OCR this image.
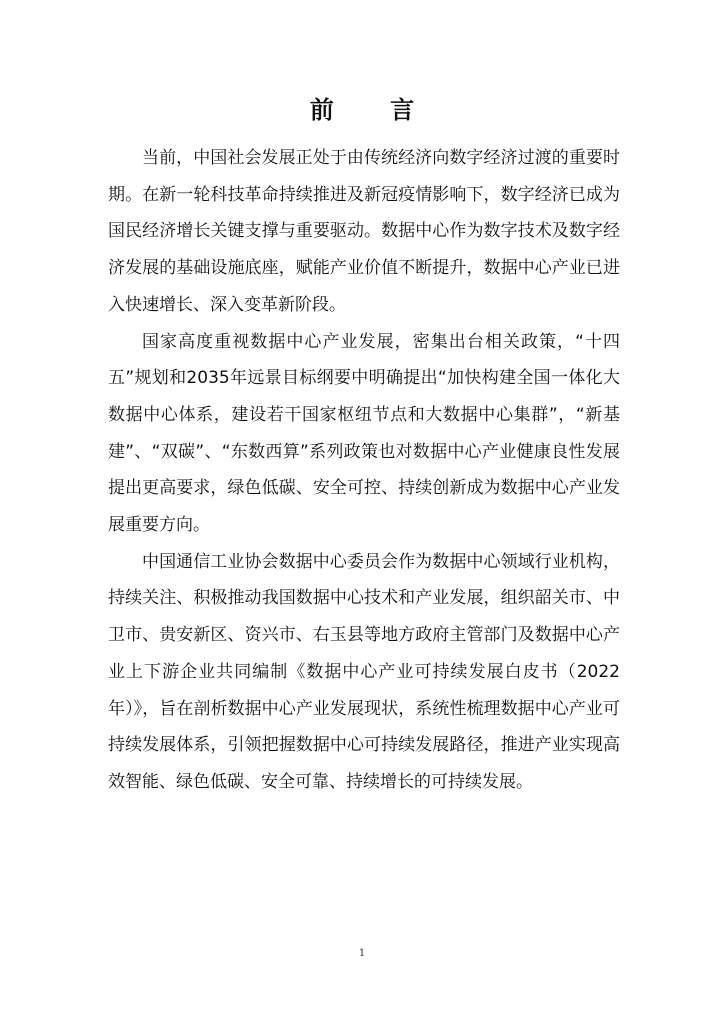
前 言

当前，中国社会发展正处于由传统经济向数字经济过渡的重要时期。在新一轮科技革命持续推进及新冠疫情影响下，数字经济已成为国民经济增长关键支撑与重要驱动。数据中心作为数字技术及数字经济发展的基础设施底座，赋能产业价值不断提升，数据中心产业已进入快速增长、深入变革新阶段。

国家高度重视数据中心产业发展，密集出台相关政策，“十四五”规划和2035年远景目标纲要中明确提出“加快构建全国一体化大数据中心体系，建设若干国家枢纽节点和大数据中心集群”，“新基建”、“双碳”、“东数西算”系列政策也对数据中心产业健康良性发展提出更高要求，绿色低碳、安全可控、持续创新成为数据中心产业发展重要方向。

中国通信工业协会数据中心委员会作为数据中心领域行业机构，持续关注、积极推动我国数据中心技术和产业发展，组织韶关市、中卫市、贵安新区、资兴市、右玉县等地方政府主管部门及数据中心产业上下游企业共同编制《数据中心产业可持续发展白皮书（2022年）》，旨在剖析数据中心产业发展现状，系统性梳理数据中心产业可持续发展体系，引领把握数据中心可持续发展路径，推进产业实现高效智能、绿色低碳、安全可靠、持续增长的可持续发展。

1
